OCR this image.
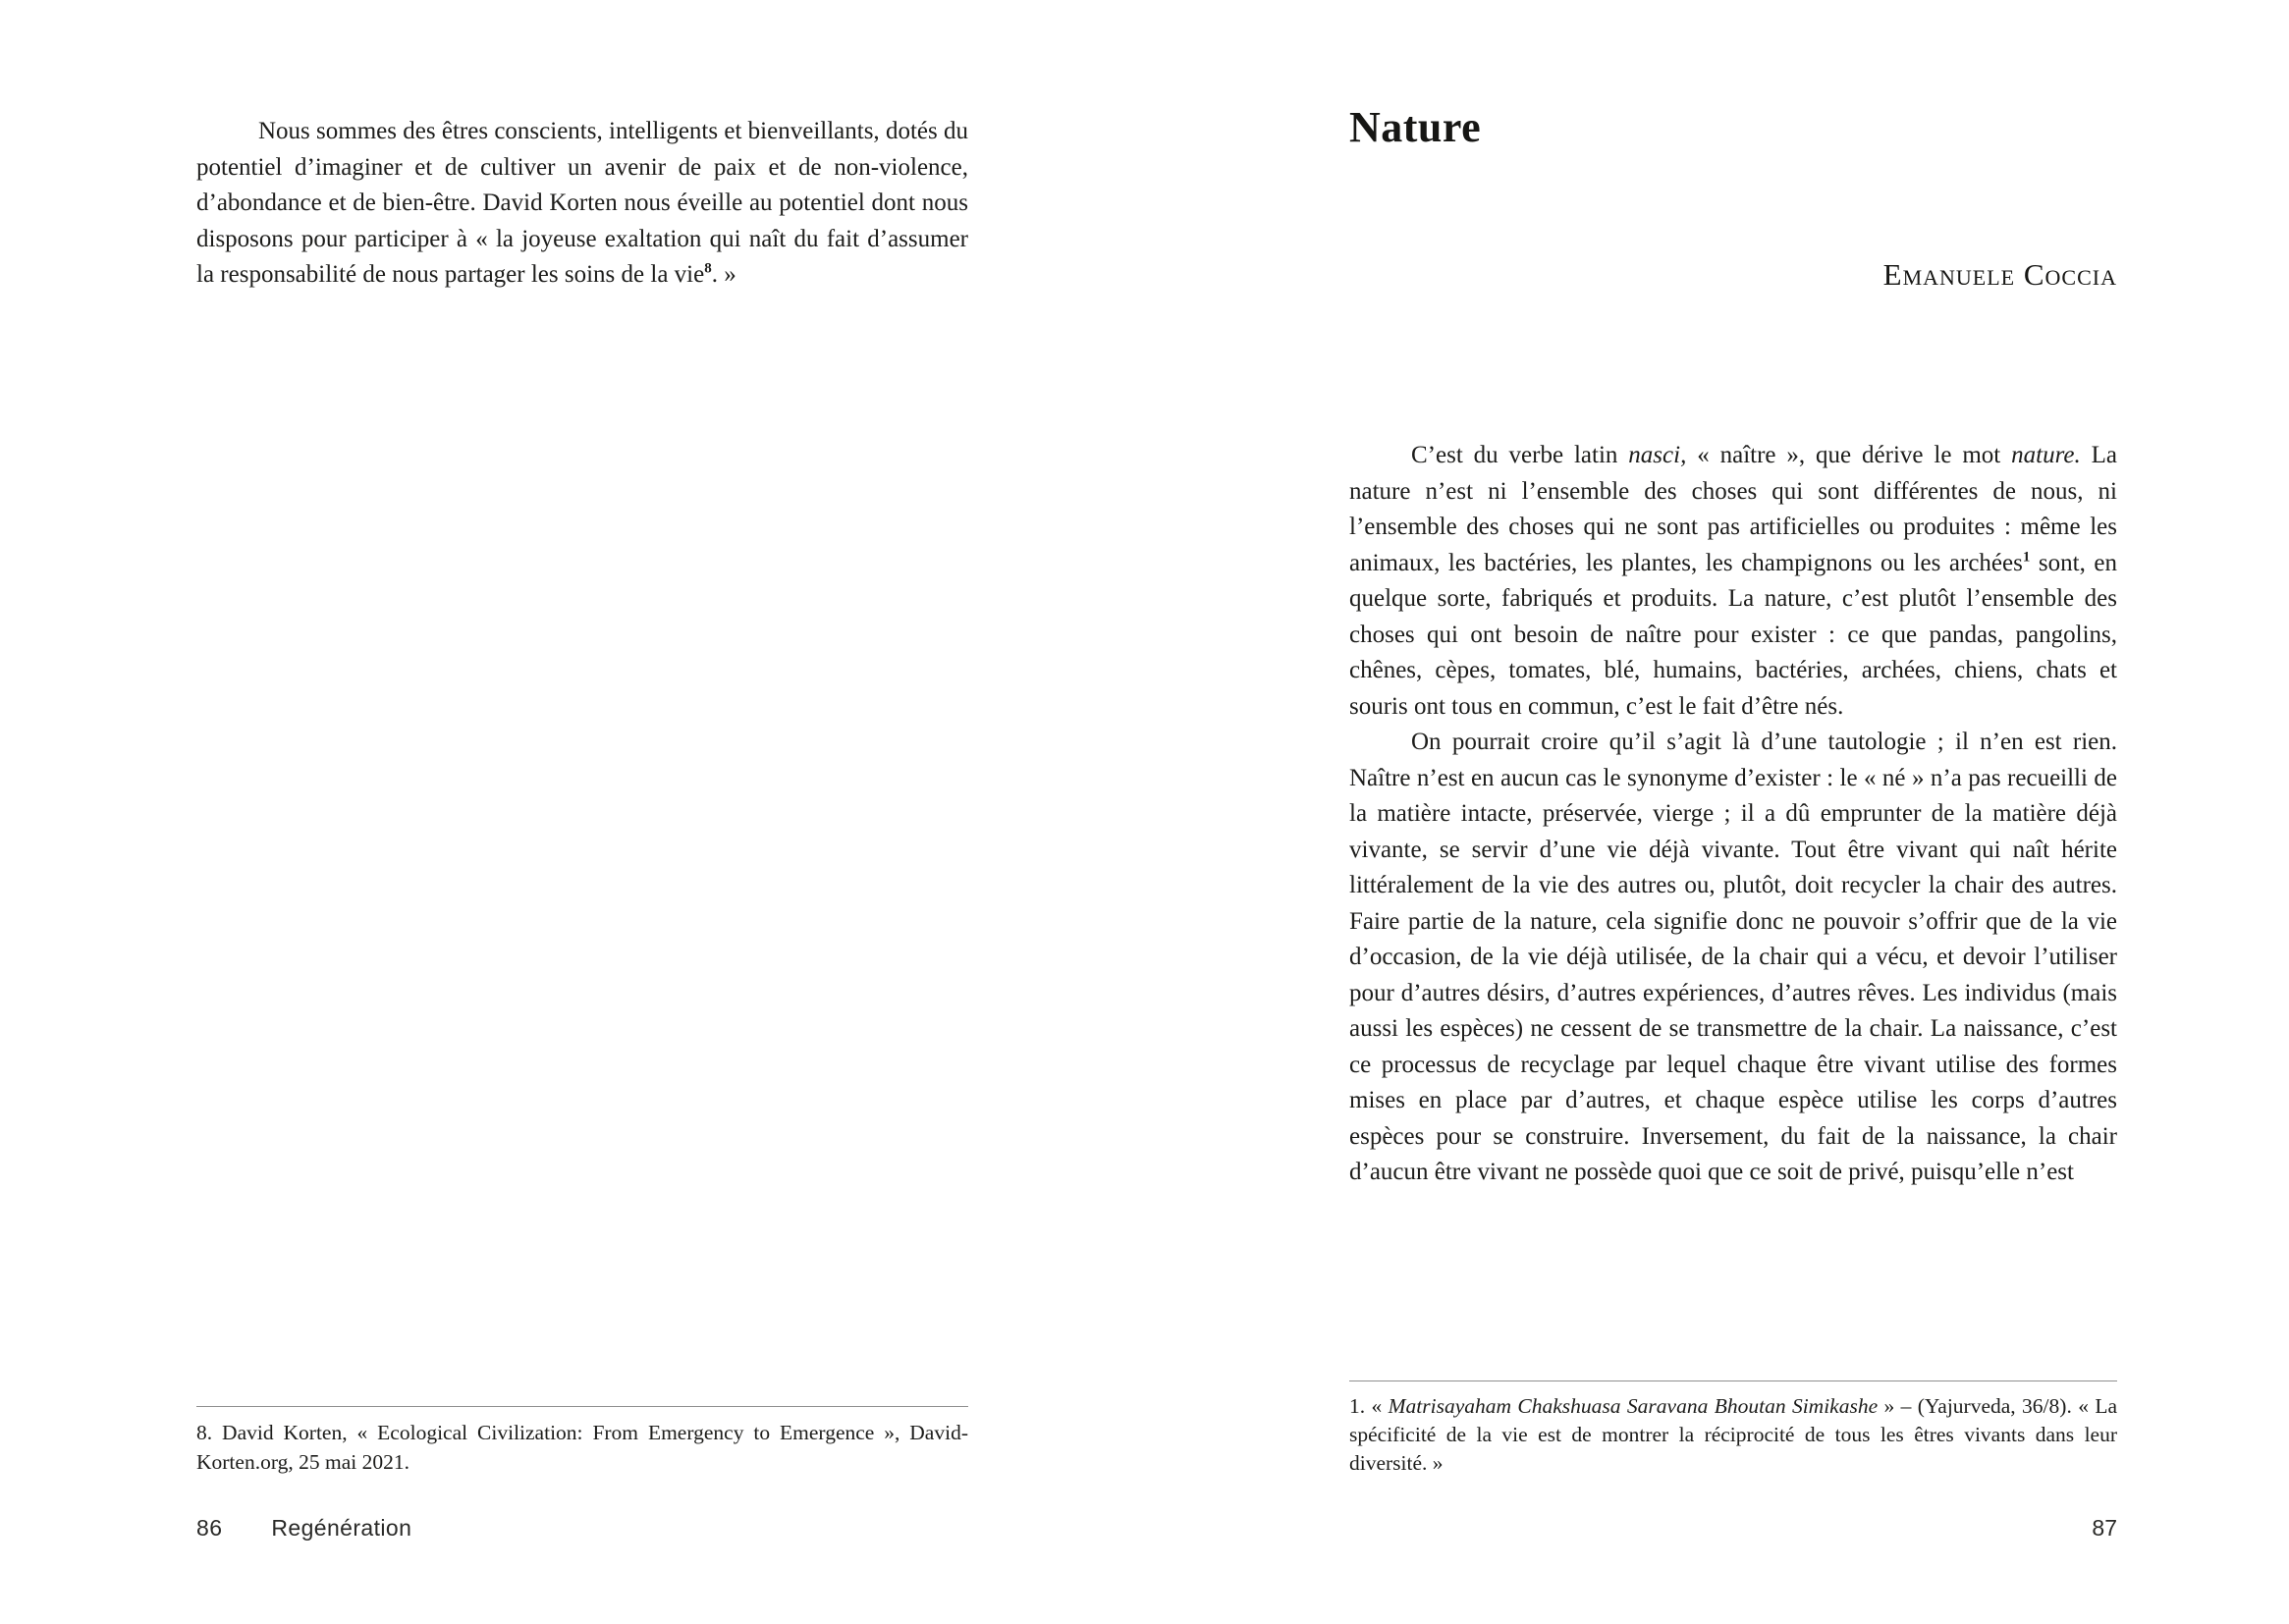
Nous sommes des êtres conscients, intelligents et bienveillants, dotés du potentiel d’imaginer et de cultiver un avenir de paix et de non-violence, d’abondance et de bien-être. David Korten nous éveille au potentiel dont nous disposons pour participer à « la joyeuse exaltation qui naît du fait d’assumer la responsabilité de nous partager les soins de la vie$^8$. »

8. David Korten, « Ecological Civilization: From Emergency to Emergence », David-Korten.org, 25 mai 2021.
86 Regénération
Nature
Emanuele Coccia

C’est du verbe latin nasci, « naître », que dérive le mot nature. La nature n’est ni l’ensemble des choses qui sont différentes de nous, ni l’ensemble des choses qui ne sont pas artificielles ou produites : même les animaux, les bactéries, les plantes, les champignons ou les archées$^1$ sont, en quelque sorte, fabriqués et produits. La nature, c’est plutôt l’ensemble des choses qui ont besoin de naître pour exister : ce que pandas, pangolins, chênes, cèpes, tomates, blé, humains, bactéries, archées, chiens, chats et souris ont tous en commun, c’est le fait d’être nés.

On pourrait croire qu’il s’agit là d’une tautologie ; il n’en est rien. Naître n’est en aucun cas le synonyme d’exister : le « né » n’a pas recueilli de la matière intacte, préservée, vierge ; il a dû emprunter de la matière déjà vivante, se servir d’une vie déjà vivante. Tout être vivant qui naît hérite littéralement de la vie des autres ou, plutôt, doit recycler la chair des autres. Faire partie de la nature, cela signifie donc ne pouvoir s’offrir que de la vie d’occasion, de la vie déjà utilisée, de la chair qui a vécu, et devoir l’utiliser pour d’autres désirs, d’autres expériences, d’autres rêves. Les individus (mais aussi les espèces) ne cessent de se transmettre de la chair. La naissance, c’est ce processus de recyclage par lequel chaque être vivant utilise des formes mises en place par d’autres, et chaque espèce utilise les corps d’autres espèces pour se construire. Inversement, du fait de la naissance, la chair d’aucun être vivant ne possède quoi que ce soit de privé, puisqu’elle n’est

1. « Matrisayaham Chakshuasa Saravana Bhoutan Simikashe » – (Yajurveda, 36/8). « La spécificité de la vie est de montrer la réciprocité de tous les êtres vivants dans leur diversité. »
87
